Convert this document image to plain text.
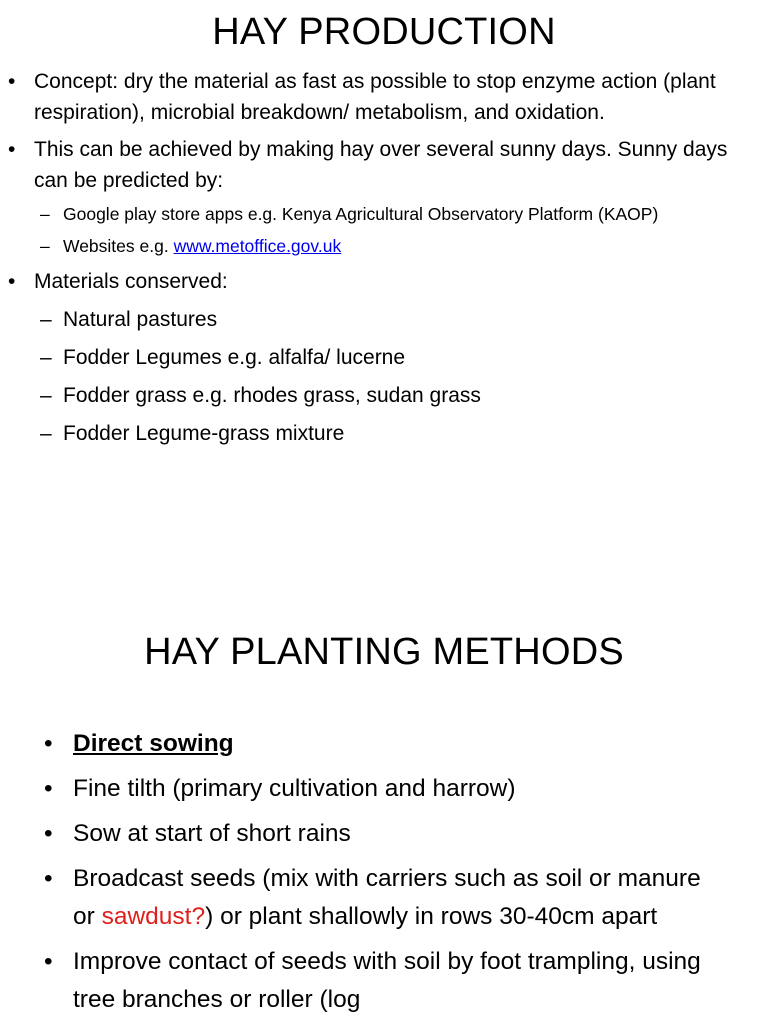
HAY PRODUCTION
• Concept: dry the material as fast as possible to stop enzyme action (plant respiration), microbial breakdown/ metabolism, and oxidation.
• This can be achieved by making hay over several sunny days. Sunny days can be predicted by:
– Google play store apps e.g. Kenya Agricultural Observatory Platform (KAOP)
– Websites e.g. www.metoffice.gov.uk
• Materials conserved:
– Natural pastures
– Fodder Legumes e.g. alfalfa/ lucerne
– Fodder grass e.g. rhodes grass, sudan grass
– Fodder Legume-grass mixture
HAY PLANTING METHODS
• Direct sowing
• Fine tilth (primary cultivation and harrow)
• Sow at start of short rains
• Broadcast seeds (mix with carriers such as soil or manure or sawdust?) or plant shallowly in rows 30-40cm apart
• Improve contact of seeds with soil by foot trampling, using tree branches or roller (log
